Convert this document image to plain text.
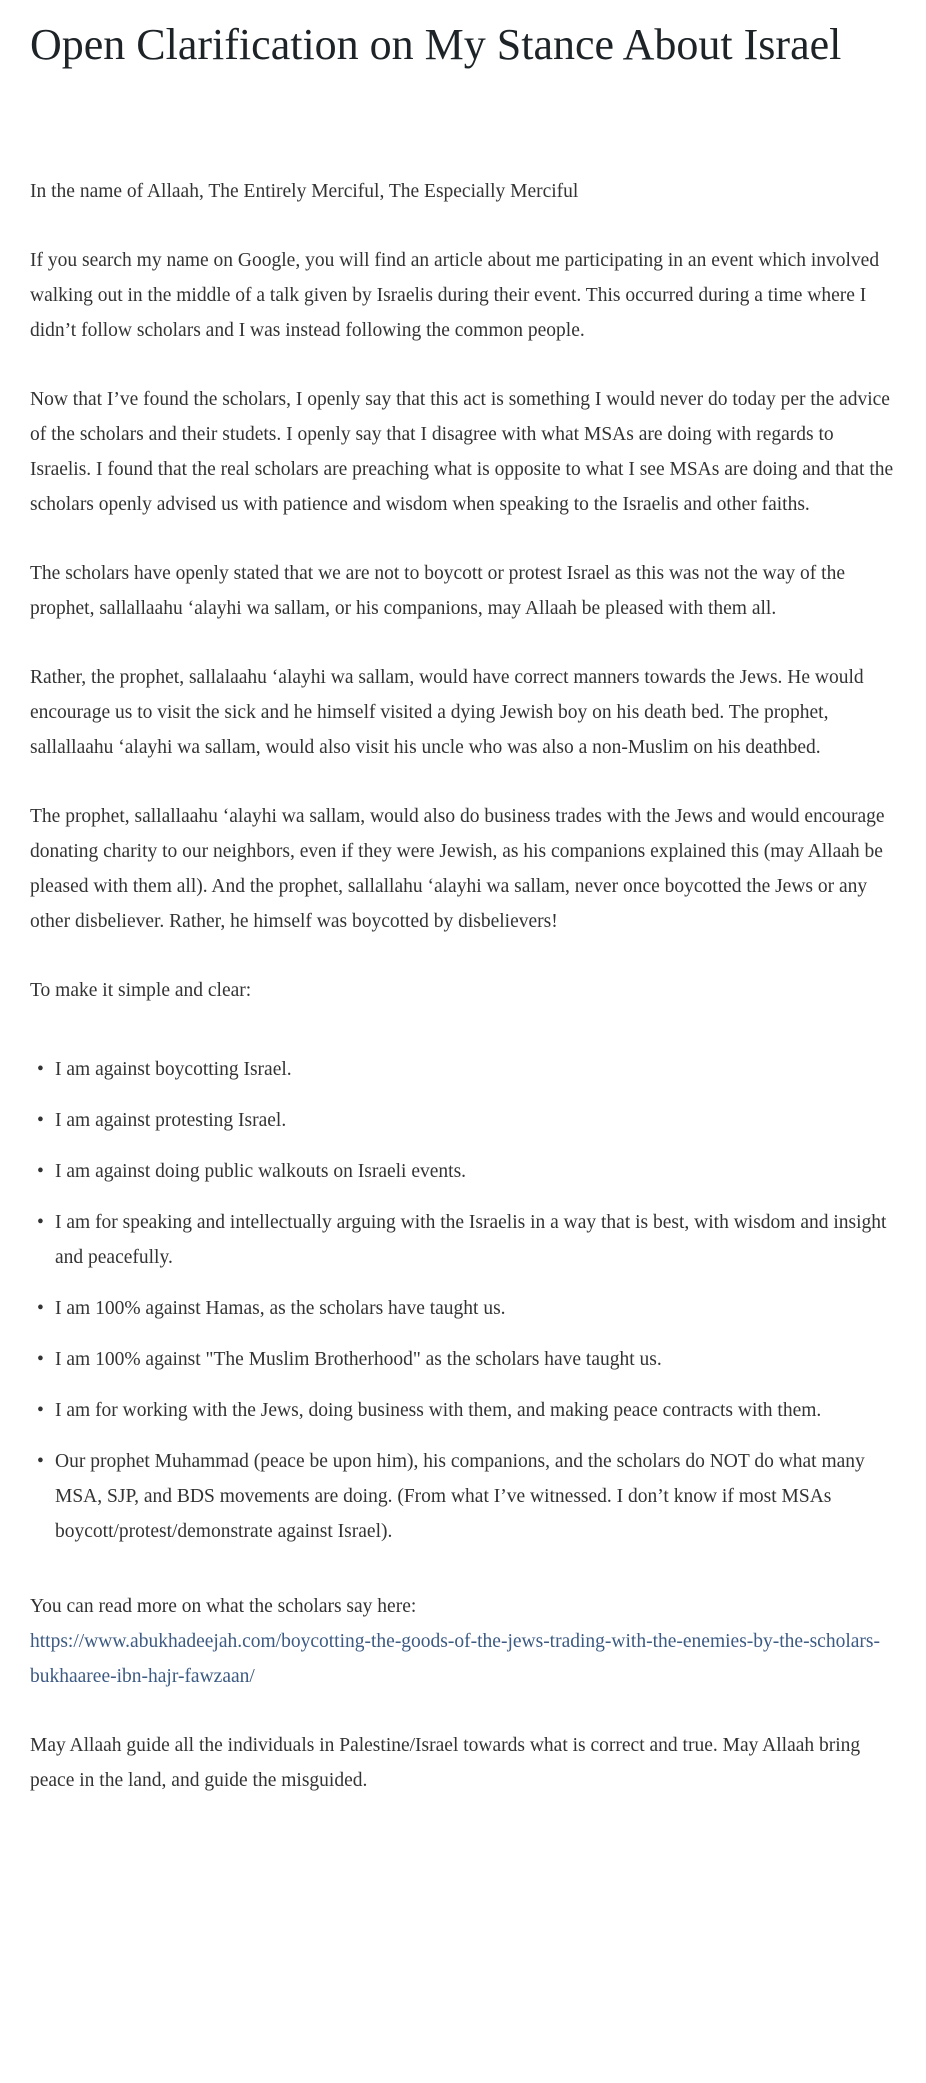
Open Clarification on My Stance About Israel

In the name of Allaah, The Entirely Merciful, The Especially Merciful

If you search my name on Google, you will find an article about me participating in an event which involved walking out in the middle of a talk given by Israelis during their event. This occurred during a time where I didn’t follow scholars and I was instead following the common people.

Now that I’ve found the scholars, I openly say that this act is something I would never do today per the advice of the scholars and their studets. I openly say that I disagree with what MSAs are doing with regards to Israelis. I found that the real scholars are preaching what is opposite to what I see MSAs are doing and that the scholars openly advised us with patience and wisdom when speaking to the Israelis and other faiths.

The scholars have openly stated that we are not to boycott or protest Israel as this was not the way of the prophet, sallallaahu ‘alayhi wa sallam, or his companions, may Allaah be pleased with them all.

Rather, the prophet, sallalaahu ‘alayhi wa sallam, would have correct manners towards the Jews. He would encourage us to visit the sick and he himself visited a dying Jewish boy on his death bed. The prophet, sallallaahu ‘alayhi wa sallam, would also visit his uncle who was also a non-Muslim on his deathbed.

The prophet, sallallaahu ‘alayhi wa sallam, would also do business trades with the Jews and would encourage donating charity to our neighbors, even if they were Jewish, as his companions explained this (may Allaah be pleased with them all). And the prophet, sallallahu ‘alayhi wa sallam, never once boycotted the Jews or any other disbeliever. Rather, he himself was boycotted by disbelievers!

To make it simple and clear:

• I am against boycotting Israel.
• I am against protesting Israel.
• I am against doing public walkouts on Israeli events.
• I am for speaking and intellectually arguing with the Israelis in a way that is best, with wisdom and insight and peacefully.
• I am 100% against Hamas, as the scholars have taught us.
• I am 100% against "The Muslim Brotherhood" as the scholars have taught us.
• I am for working with the Jews, doing business with them, and making peace contracts with them.
• Our prophet Muhammad (peace be upon him), his companions, and the scholars do NOT do what many MSA, SJP, and BDS movements are doing. (From what I’ve witnessed. I don’t know if most MSAs boycott/protest/demonstrate against Israel).

You can read more on what the scholars say here:
https://www.abukhadeejah.com/boycotting-the-goods-of-the-jews-trading-with-the-enemies-by-the-scholars-bukhaaree-ibn-hajr-fawzaan/

May Allaah guide all the individuals in Palestine/Israel towards what is correct and true. May Allaah bring peace in the land, and guide the misguided.
